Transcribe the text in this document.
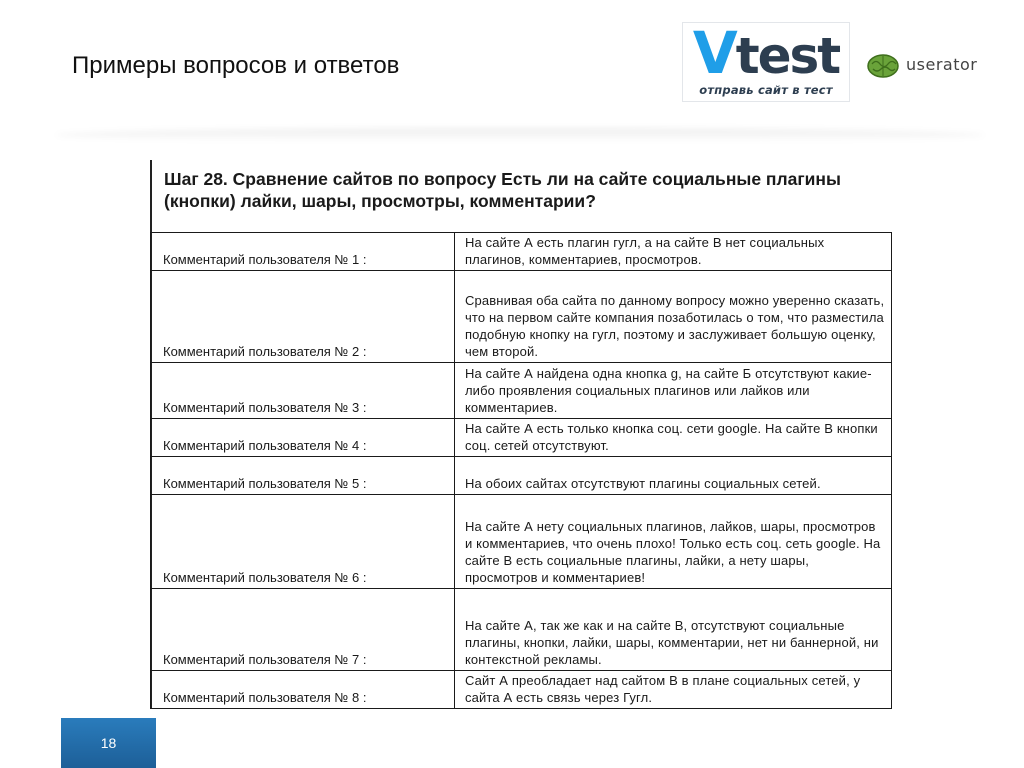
Примеры вопросов и ответов	Vtest
отправь сайт в тест
userator
Шаг 28. Сравнение сайтов по вопросу Есть ли на сайте социальные плагины (кнопки) лайки, шары, просмотры, комментарии?
Комментарий пользователя № 1 :	На сайте А есть плагин гугл, а на сайте В нет социальных плагинов, комментариев, просмотров.
Комментарий пользователя № 2 :	Сравнивая оба сайта по данному вопросу можно уверенно сказать, что на первом сайте компания позаботилась о том, что разместила подобную кнопку на гугл, поэтому и заслуживает большую оценку, чем второй.
Комментарий пользователя № 3 :	На сайте А найдена одна кнопка g, на сайте Б отсутствуют какие-либо проявления социальных плагинов или лайков или комментариев.
Комментарий пользователя № 4 :	На сайте А есть только кнопка соц. сети google. На сайте В кнопки соц. сетей отсутствуют.
Комментарий пользователя № 5 :	На обоих сайтах отсутствуют плагины социальных сетей.
Комментарий пользователя № 6 :	На сайте А нету социальных плагинов, лайков, шары, просмотров и комментариев, что очень плохо! Только есть соц. сеть google. На сайте В есть социальные плагины, лайки, а нету шары, просмотров и комментариев!
Комментарий пользователя № 7 :	На сайте А, так же как и на сайте В, отсутствуют социальные плагины, кнопки, лайки, шары, комментарии, нет ни баннерной, ни контекстной рекламы.
Комментарий пользователя № 8 :	Сайт А преобладает над сайтом В в плане социальных сетей, у сайта А есть связь через Гугл.
18
